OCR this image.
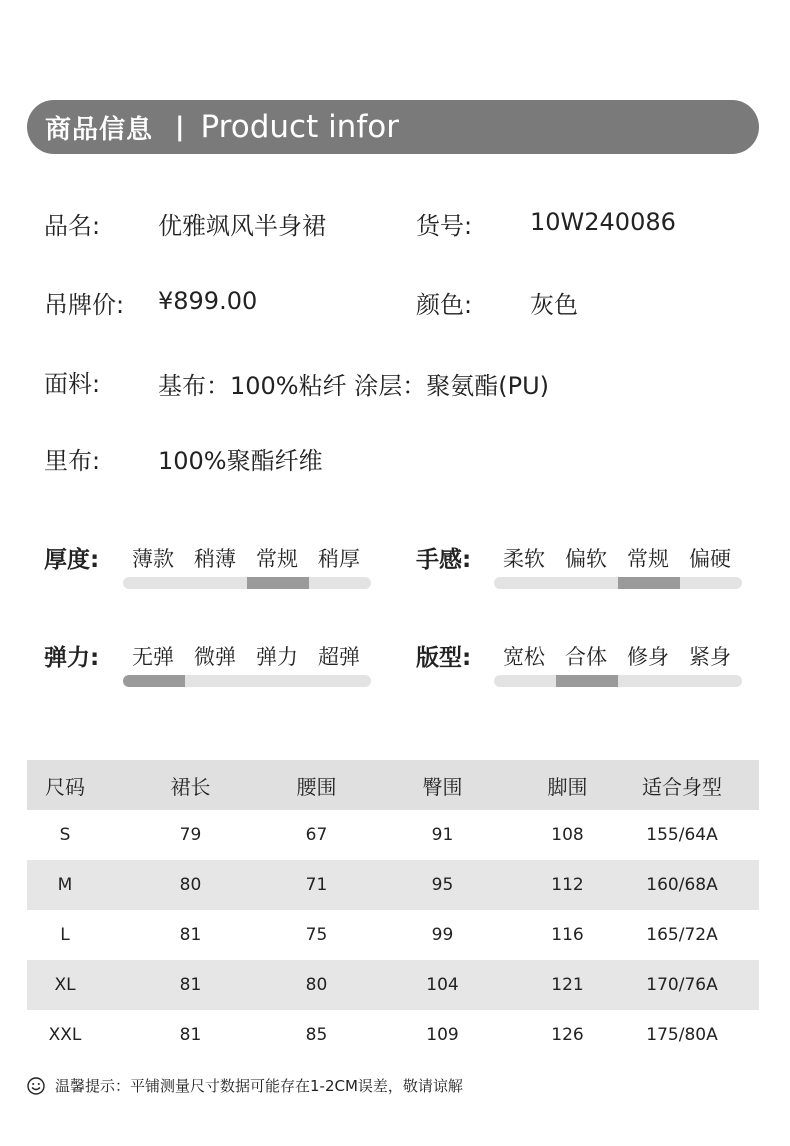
商品信息 | Product infor
品名: 优雅飒风半身裙	货号: 10W240086
吊牌价: ¥899.00	颜色: 灰色
面料: 基布：100%粘纤 涂层：聚氨酯(PU)
里布: 100%聚酯纤维
厚度:	薄款 稍薄 常规 稍厚	手感:	柔软 偏软 常规 偏硬
弹力:	无弹 微弹 弹力 超弹	版型:	宽松 合体 修身 紧身
尺码	裙长	腰围	臀围	脚围	适合身型
S	79	67	91	108	155/64A
M	80	71	95	112	160/68A
L	81	75	99	116	165/72A
XL	81	80	104	121	170/76A
XXL	81	85	109	126	175/80A
温馨提示：平铺测量尺寸数据可能存在1-2CM误差，敬请谅解
